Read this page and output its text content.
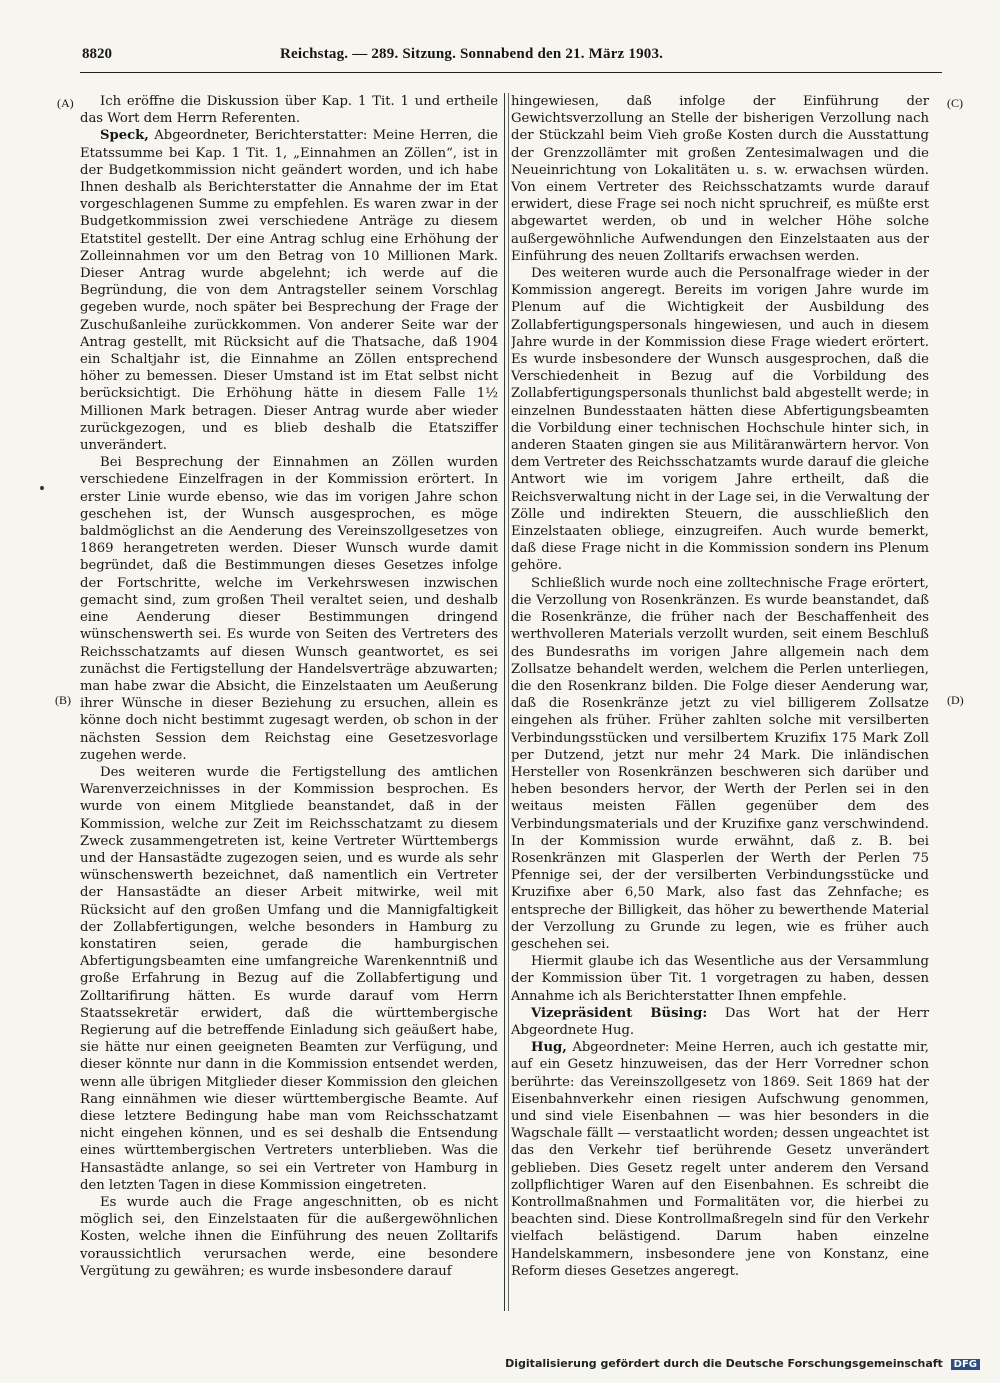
8820	Reichstag. — 289. Sitzung. Sonnabend den 21. März 1903.
(A)
(B)
(C)
(D)

Ich eröffne die Diskussion über Kap. 1 Tit. 1 und ertheile das Wort dem Herrn Referenten.

Speck, Abgeordneter, Berichterstatter: Meine Herren, die Etatssumme bei Kap. 1 Tit. 1, „Einnahmen an Zöllen“, ist in der Budgetkommission nicht geändert worden, und ich habe Ihnen deshalb als Berichterstatter die Annahme der im Etat vorgeschlagenen Summe zu empfehlen. Es waren zwar in der Budgetkommission zwei verschiedene Anträge zu diesem Etatstitel gestellt. Der eine Antrag schlug eine Erhöhung der Zolleinnahmen vor um den Betrag von 10 Millionen Mark. Dieser Antrag wurde abgelehnt; ich werde auf die Begründung, die von dem Antragsteller seinem Vorschlag gegeben wurde, noch später bei Besprechung der Frage der Zuschußanleihe zurückkommen. Von anderer Seite war der Antrag gestellt, mit Rücksicht auf die Thatsache, daß 1904 ein Schaltjahr ist, die Einnahme an Zöllen entsprechend höher zu bemessen. Dieser Umstand ist im Etat selbst nicht berücksichtigt. Die Erhöhung hätte in diesem Falle 1½ Millionen Mark betragen. Dieser Antrag wurde aber wieder zurückgezogen, und es blieb deshalb die Etatsziffer unverändert.

Bei Besprechung der Einnahmen an Zöllen wurden verschiedene Einzelfragen in der Kommission erörtert. In erster Linie wurde ebenso, wie das im vorigen Jahre schon geschehen ist, der Wunsch ausgesprochen, es möge baldmöglichst an die Aenderung des Vereinszollgesetzes von 1869 herangetreten werden. Dieser Wunsch wurde damit begründet, daß die Bestimmungen dieses Gesetzes infolge der Fortschritte, welche im Verkehrswesen inzwischen gemacht sind, zum großen Theil veraltet seien, und deshalb eine Aenderung dieser Bestimmungen dringend wünschenswerth sei. Es wurde von Seiten des Vertreters des Reichsschatzamts auf diesen Wunsch geantwortet, es sei zunächst die Fertigstellung der Handelsverträge abzuwarten; man habe zwar die Absicht, die Einzelstaaten um Aeußerung ihrer Wünsche in dieser Beziehung zu ersuchen, allein es könne doch nicht bestimmt zugesagt werden, ob schon in der nächsten Session dem Reichstag eine Gesetzesvorlage zugehen werde.

Des weiteren wurde die Fertigstellung des amtlichen Warenverzeichnisses in der Kommission besprochen. Es wurde von einem Mitgliede beanstandet, daß in der Kommission, welche zur Zeit im Reichsschatzamt zu diesem Zweck zusammengetreten ist, keine Vertreter Württembergs und der Hansastädte zugezogen seien, und es wurde als sehr wünschenswerth bezeichnet, daß namentlich ein Vertreter der Hansastädte an dieser Arbeit mitwirke, weil mit Rücksicht auf den großen Umfang und die Mannigfaltigkeit der Zollabfertigungen, welche besonders in Hamburg zu konstatiren seien, gerade die hamburgischen Abfertigungsbeamten eine umfangreiche Warenkenntniß und große Erfahrung in Bezug auf die Zollabfertigung und Zolltarifirung hätten. Es wurde darauf vom Herrn Staatssekretär erwidert, daß die württembergische Regierung auf die betreffende Einladung sich geäußert habe, sie hätte nur einen geeigneten Beamten zur Verfügung, und dieser könnte nur dann in die Kommission entsendet werden, wenn alle übrigen Mitglieder dieser Kommission den gleichen Rang einnähmen wie dieser württembergische Beamte. Auf diese letztere Bedingung habe man vom Reichsschatzamt nicht eingehen können, und es sei deshalb die Entsendung eines württembergischen Vertreters unterblieben. Was die Hansastädte anlange, so sei ein Vertreter von Hamburg in den letzten Tagen in diese Kommission eingetreten.

Es wurde auch die Frage angeschnitten, ob es nicht möglich sei, den Einzelstaaten für die außergewöhnlichen Kosten, welche ihnen die Einführung des neuen Zolltarifs voraussichtlich verursachen werde, eine besondere Vergütung zu gewähren; es wurde insbesondere darauf

hingewiesen, daß infolge der Einführung der Gewichtsverzollung an Stelle der bisherigen Verzollung nach der Stückzahl beim Vieh große Kosten durch die Ausstattung der Grenzzollämter mit großen Zentesimalwagen und die Neueinrichtung von Lokalitäten u. s. w. erwachsen würden. Von einem Vertreter des Reichsschatzamts wurde darauf erwidert, diese Frage sei noch nicht spruchreif, es müßte erst abgewartet werden, ob und in welcher Höhe solche außergewöhnliche Aufwendungen den Einzelstaaten aus der Einführung des neuen Zolltarifs erwachsen werden.

Des weiteren wurde auch die Personalfrage wieder in der Kommission angeregt. Bereits im vorigen Jahre wurde im Plenum auf die Wichtigkeit der Ausbildung des Zollabfertigungspersonals hingewiesen, und auch in diesem Jahre wurde in der Kommission diese Frage wiedert erörtert. Es wurde insbesondere der Wunsch ausgesprochen, daß die Verschiedenheit in Bezug auf die Vorbildung des Zollabfertigungspersonals thunlichst bald abgestellt werde; in einzelnen Bundesstaaten hätten diese Abfertigungsbeamten die Vorbildung einer technischen Hochschule hinter sich, in anderen Staaten gingen sie aus Militäranwärtern hervor. Von dem Vertreter des Reichsschatzamts wurde darauf die gleiche Antwort wie im vorigem Jahre ertheilt, daß die Reichsverwaltung nicht in der Lage sei, in die Verwaltung der Zölle und indirekten Steuern, die ausschließlich den Einzelstaaten obliege, einzugreifen. Auch wurde bemerkt, daß diese Frage nicht in die Kommission sondern ins Plenum gehöre.

Schließlich wurde noch eine zolltechnische Frage erörtert, die Verzollung von Rosenkränzen. Es wurde beanstandet, daß die Rosenkränze, die früher nach der Beschaffenheit des werthvolleren Materials verzollt wurden, seit einem Beschluß des Bundesraths im vorigen Jahre allgemein nach dem Zollsatze behandelt werden, welchem die Perlen unterliegen, die den Rosenkranz bilden. Die Folge dieser Aenderung war, daß die Rosenkränze jetzt zu viel billigerem Zollsatze eingehen als früher. Früher zahlten solche mit versilberten Verbindungsstücken und versilbertem Kruzifix 175 Mark Zoll per Dutzend, jetzt nur mehr 24 Mark. Die inländischen Hersteller von Rosenkränzen beschweren sich darüber und heben besonders hervor, der Werth der Perlen sei in den weitaus meisten Fällen gegenüber dem des Verbindungsmaterials und der Kruzifixe ganz verschwindend. In der Kommission wurde erwähnt, daß z. B. bei Rosenkränzen mit Glasperlen der Werth der Perlen 75 Pfennige sei, der der versilberten Verbindungsstücke und Kruzifixe aber 6,50 Mark, also fast das Zehnfache; es entspreche der Billigkeit, das höher zu bewerthende Material der Verzollung zu Grunde zu legen, wie es früher auch geschehen sei.

Hiermit glaube ich das Wesentliche aus der Versammlung der Kommission über Tit. 1 vorgetragen zu haben, dessen Annahme ich als Berichterstatter Ihnen empfehle.

Vizepräsident Büsing: Das Wort hat der Herr Abgeordnete Hug.

Hug, Abgeordneter: Meine Herren, auch ich gestatte mir, auf ein Gesetz hinzuweisen, das der Herr Vorredner schon berührte: das Vereinszollgesetz von 1869. Seit 1869 hat der Eisenbahnverkehr einen riesigen Aufschwung genommen, und sind viele Eisenbahnen — was hier besonders in die Wagschale fällt — verstaatlicht worden; dessen ungeachtet ist das den Verkehr tief berührende Gesetz unverändert geblieben. Dies Gesetz regelt unter anderem den Versand zollpflichtiger Waren auf den Eisenbahnen. Es schreibt die Kontrollmaßnahmen und Formalitäten vor, die hierbei zu beachten sind. Diese Kontrollmaßregeln sind für den Verkehr vielfach belästigend. Darum haben einzelne Handelskammern, insbesondere jene von Konstanz, eine Reform dieses Gesetzes angeregt.

Digitalisierung gefördert durch die Deutsche Forschungsgemeinschaft DFG
